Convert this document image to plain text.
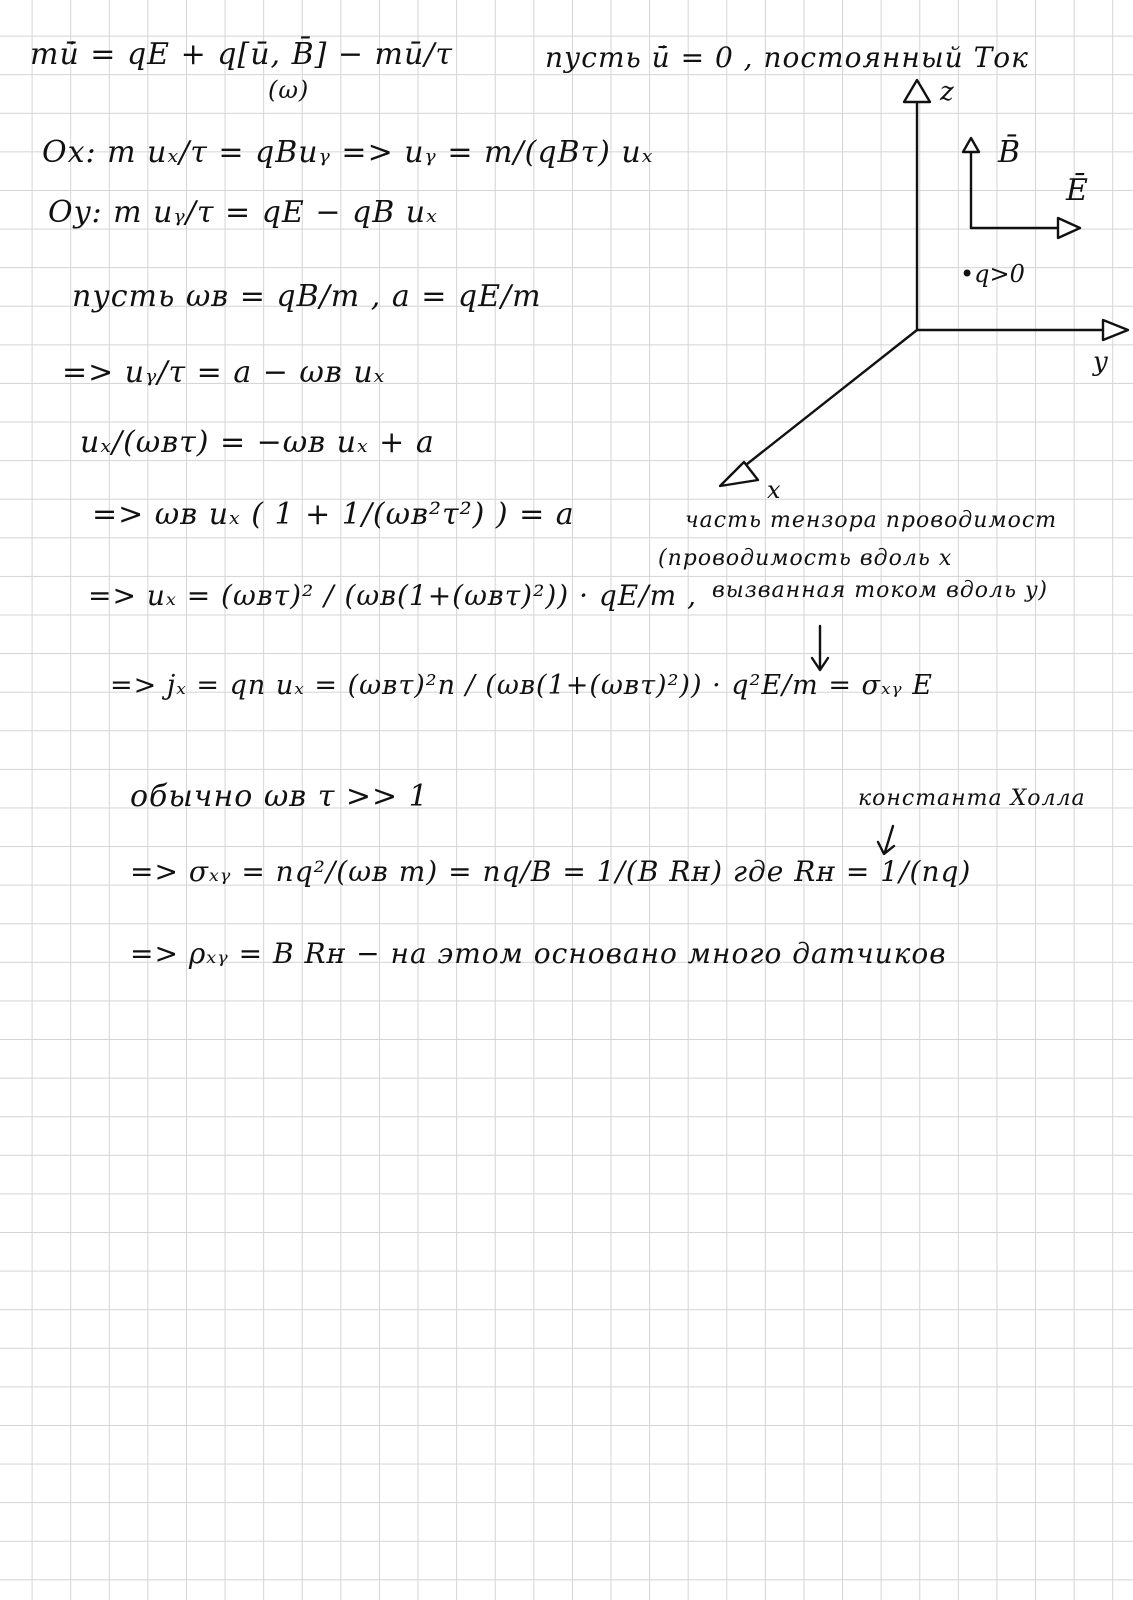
mū̇ = qE + q[ū, B̄] − mū/τ
(ω)
пусть ū̇ = 0 , постоянный Ток
Ox: m uₓ/τ = qBuᵧ => uᵧ = m/(qBτ) uₓ
Oy: m uᵧ/τ = qE − qB uₓ
пусть ωʙ = qB/m , a = qE/m
=> uᵧ/τ = a − ωʙ uₓ
uₓ/(ωʙτ) = −ωʙ uₓ + a
=> ωʙ uₓ ( 1 + 1/(ωʙ²τ²) ) = a
=> uₓ = (ωʙτ)² / (ωʙ(1+(ωʙτ)²)) · qE/m ,
=> jₓ = qn uₓ = (ωʙτ)²n / (ωʙ(1+(ωʙτ)²)) · q²E/m = σₓᵧ E
обычно ωʙ τ >> 1
=> σₓᵧ = nq²/(ωʙ m) = nq/B = 1/(B Rʜ) где Rʜ = 1/(nq)
=> ρₓᵧ = B Rʜ − на этом основано много датчиков
часть тензора проводимост
(проводимость вдоль x
вызванная током вдоль y)
константа Холла
z
y
x
B̄
Ē
•q>0
